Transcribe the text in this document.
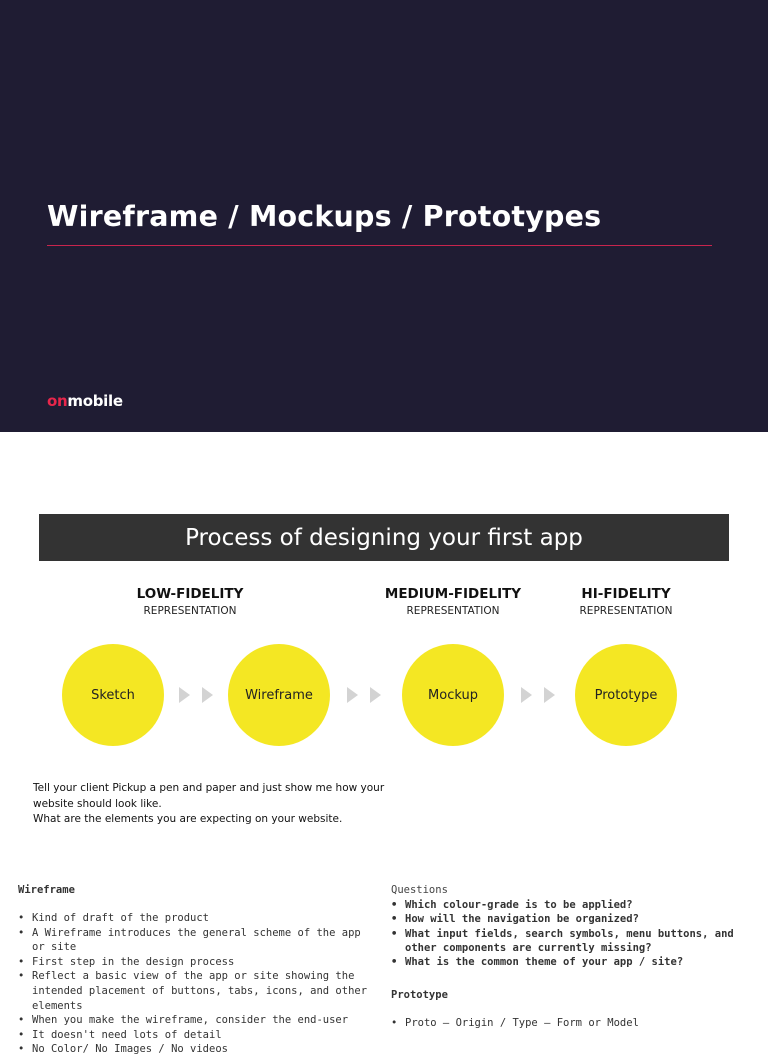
Wireframe / Mockups / Prototypes
onmobile
Process of designing your first app
LOW-FIDELITY
REPRESENTATION
MEDIUM-FIDELITY
REPRESENTATION
HI-FIDELITY
REPRESENTATION
Sketch	Wireframe	Mockup	Prototype
Tell your client Pickup a pen and paper and just show me how your
website should look like.
What are the elements you are expecting on your website.
Wireframe
• Kind of draft of the product
• A Wireframe introduces the general scheme of the app or site
• First step in the design process
• Reflect a basic view of the app or site showing the intended placement of buttons, tabs, icons, and other elements
• When you make the wireframe, consider the end-user
• It doesn't need lots of detail
• No Color/ No Images / No videos
Questions
• Which colour-grade is to be applied?
• How will the navigation be organized?
• What input fields, search symbols, menu buttons, and other components are currently missing?
• What is the common theme of your app / site?
Prototype
• Proto – Origin / Type – Form or Model
